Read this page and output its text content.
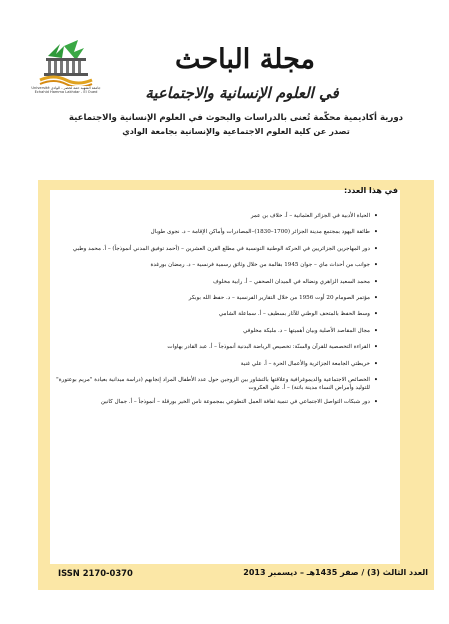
جامعة الشهيد حمة لخضر - الوادي Université Echahid Hamma Lakhdar - El Oued
مجلة الباحث
في العلوم الإنسانية والاجتماعية
دورية أكاديمية محكّمة تُعنى بالدراسات والبحوث في العلوم الإنسانية والاجتماعية
تصدر عن كلية العلوم الاجتماعية والإنسانية بجامعة الوادي
في هذا العدد:
• الحياة الأدبية في الجزائر العثمانية – أ. خلاف بن عمر
• طائفة اليهود بمجتمع مدينة الجزائر (1700–1830)–المصادرات وأماكن الإقامة – د. نجوى طوبال
• دور المهاجرين الجزائريين في الحركة الوطنية التونسية في مطلع القرن العشرين – (أحمد توفيق المدني أنموذجاً) – أ. محمد وطبي
• جوانب من أحداث ماي – جوان 1945 بقالمة من خلال وثائق رسمية فرنسية – د. رمضان بورغدة
• محمد السعيد الزاهري ونضاله في الميدان الصحفي – أ. رابية مخلوف
• مؤتمر الصومام 20 أوت 1956 من خلال التقارير الفرنسية – د. حفظ الله بوبكر
• وسط الحفظ بالمتحف الوطني للآثار بسطيف – أ. سماعلة الشامي
• مجال المقاصد الأصلية وبيان أهميتها – د. مليكة مخلوفي
• القراءة التخصصية للقرآن والسنّة: تخصيص الرياضة البدنية أنموذجاً – أ. عبد القادر بهاوات
• خريطتي الجامعة الجزائرية والأعمال الحرة – أ. علي غنية
• الخصائص الاجتماعية والديموغرافية وعلاقتها بالتشاور بين الزوجين حول عدد الأطفال المراد إنجابهم (دراسة ميدانية بعيادة "مريم بوعتورة" للتوليد وأمراض النساء مدينة باتنة) – أ. علي العكروت
• دور شبكات التواصل الاجتماعي في تنمية ثقافة العمل التطوعي بمجموعة ناس الخير بورقلة – أنموذجاً – أ. جمال كانين
العدد الثالث (3) / صفر 1435هـ – ديسمبر 2013
ISSN 2170-0370
